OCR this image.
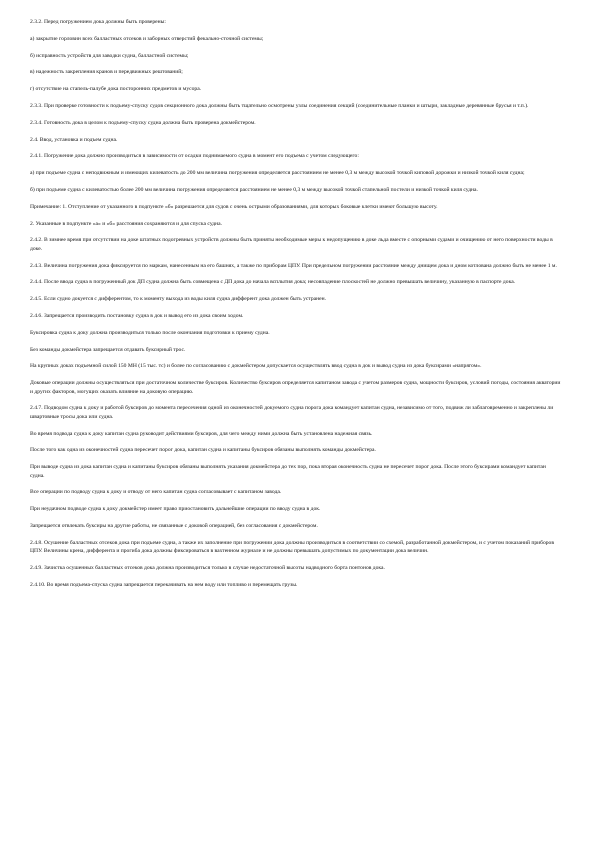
2.3.2. Перед погружением дока должны быть проверены:

а) закрытие горловин всех балластных отсеков и заборных отверстий фекально-сточной системы;

б) исправность устройств для заводки судна, балластной системы;

в) надежность закрепления кранов и передвижных рештований;

г) отсутствие на стапель-палубе дока посторонних предметов и мусора.

2.3.3. При проверке готовности к подъему-спуску судов секционного дока должны быть тщательно осмотрены узлы соединения секций (соединительные планки и штыри, закладные деревянные брусья и т.п.).

2.3.4. Готовность дока в целом к подъему-спуску судна должна быть проверена докмейстером.

2.4. Ввод, установка и подъем судна.

2.4.1. Погружение дока должно производиться в зависимости от осадки поднимаемого судна в момент его подъема с учетом следующего:

а) при подъеме судна с неподвижным и имеющих килеватость до 200 мм величина погружения определяется расстоянием не менее 0,3 м между высокой точкой киповой дорожки и низкой точкой киля судна;

б) при подъеме судна с килеватостью более 200 мм величина погружения определяется расстоянием не менее 0,3 м между высокой точкой стапельной постели и низкой точкой киля судна.

Примечание: 1. Отступление от указанного в подпункте «б» разрешается для судов с очень острыми образованиями, для которых боковые клетки имеют большую высоту.

2. Указанные в подпункте «а» и «б» расстояния сохраняются и для спуска судна.

2.4.2. В зимнее время при отсутствии на доке штатных подогревных устройств должны быть приняты необходимые меры к недопущению в доке льда вместе с опорными судами и очищению от него поверхности воды в доке.

2.4.3. Величина погружения дока фиксируется по маркам, нанесенным на его башнях, а также по приборам ЦПУ. При предельном погружении расстояние между днищем дока и дном котлована должно быть не менее 1 м.

2.4.4. После ввода судна в погруженный док ДП судна должна быть совмещена с ДП дока до начала всплытия дока; несовпадение плоскостей не должно превышать величину, указанную в паспорте дока.

2.4.5. Если судно докуется с дифферентом, то к моменту выхода из воды киля судна дифферент дока должен быть устранен.

2.4.6. Запрещается производить постановку судна в док и вывод его из дока своим ходом.

Буксировка судна к доку должна производиться только после окончания подготовки к приему судна.

Без команды докмейстера запрещается отдавать буксирный трос.

На крупных доках подъемной силой 150 МН (15 тыс. тс) и более по согласованию с докмейстером допускается осуществлять ввод судна в док и вывод судна из дока буксирами «напрягом».

Доковые операции должны осуществляться при достаточном количестве буксиров. Количество буксиров определяется капитаном завода с учетом размеров судна, мощности буксиров, условий погоды, состояния акватории и других факторов, могущих оказать влияние на доковую операцию.

2.4.7. Подводом судна к доку и работой буксиров до момента пересечения одной из оконечностей докуемого судна порога дока командует капитан судна, независимо от того, подвиж ли заблаговременно и закреплены ли швартовные тросы дока или судна.

Во время подвода судна к доку капитан судна руководит действиями буксиров, для чего между ними должна быть установлена надежная связь.

После того как одна из оконечностей судна пересечет порог дока, капитан судна и капитаны буксиров обязаны выполнять команды докмейстера.

При выводе судна из дока капитан судна и капитаны буксиров обязаны выполнять указания докмейстера до тех пор, пока вторая оконечность судна не пересечет порог дока. После этого буксирами командует капитан судна.

Все операции по подводу судна к доку и отводу от него капитан судна согласовывает с капитаном завода.

При неудачном подводе судна к доку докмейстер имеет право приостановить дальнейшие операции по вводу судна в док.

Запрещается отвлекать буксиры на другие работы, не связанные с доковой операцией, без согласования с докмейстером.

2.4.8. Осушение балластных отсеков дока при подъеме судна, а также их заполнение при погружении дока должны производиться в соответствии со схемой, разработанной докмейстером, и с учетом показаний приборов ЦПУ. Величины крена, дифферента и прогиба дока должны фиксироваться в вахтенном журнале и не должны превышать допустимых по документации дока величин.

2.4.9. Зачистка осушенных балластных отсеков дока должна производиться только в случае недостаточной высоты надводного борта понтонов дока.

2.4.10. Во время подъема-спуска судна запрещается перекачивать на нем воду или топливо и перемещать грузы.
